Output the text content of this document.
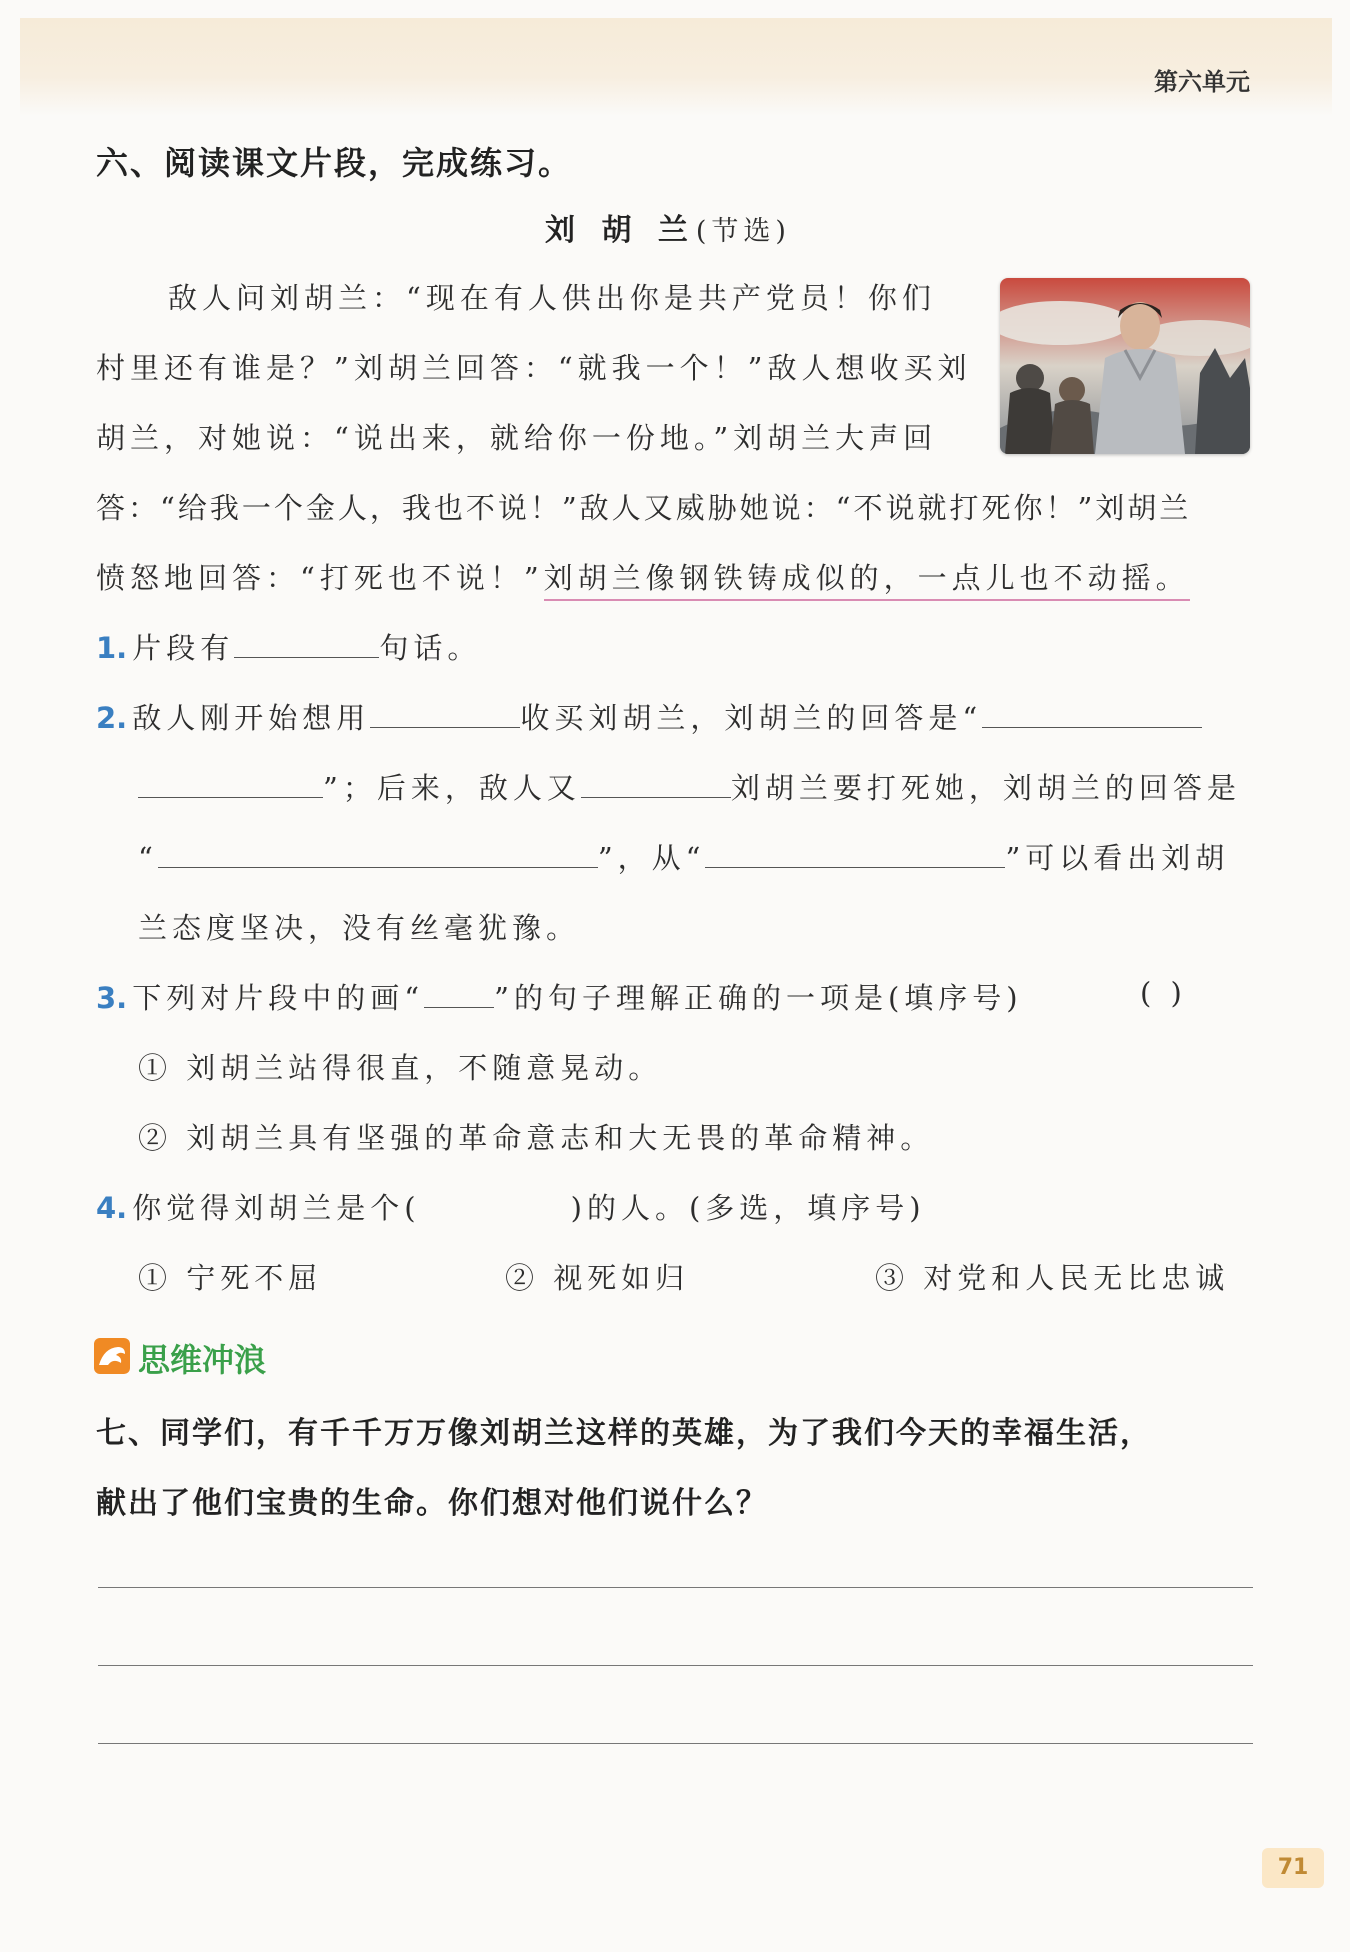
第六单元
六、阅读课文片段，完成练习。
刘 胡 兰(节选)
敌人问刘胡兰：“现在有人供出你是共产党员！你们
村里还有谁是？”刘胡兰回答：“就我一个！”敌人想收买刘
胡兰，对她说：“说出来，就给你一份地。”刘胡兰大声回
答：“给我一个金人，我也不说！”敌人又威胁她说：“不说就打死你！”刘胡兰
愤怒地回答：“打死也不说！”刘胡兰像钢铁铸成似的，一点儿也不动摇。
1. 片段有	句话。
2. 敌人刚开始想用	收买刘胡兰，刘胡兰的回答是“
”；后来，敌人又	刘胡兰要打死她，刘胡兰的回答是
“	”，从“	”可以看出刘胡
兰态度坚决，没有丝毫犹豫。
3. 下列对片段中的画“ ”的句子理解正确的一项是(填序号)	( )
① 刘胡兰站得很直，不随意晃动。
② 刘胡兰具有坚强的革命意志和大无畏的革命精神。
4. 你觉得刘胡兰是个(	)的人。(多选，填序号)
① 宁死不屈	② 视死如归	③ 对党和人民无比忠诚
思维冲浪
七、同学们，有千千万万像刘胡兰这样的英雄，为了我们今天的幸福生活，
献出了他们宝贵的生命。你们想对他们说什么？
71
